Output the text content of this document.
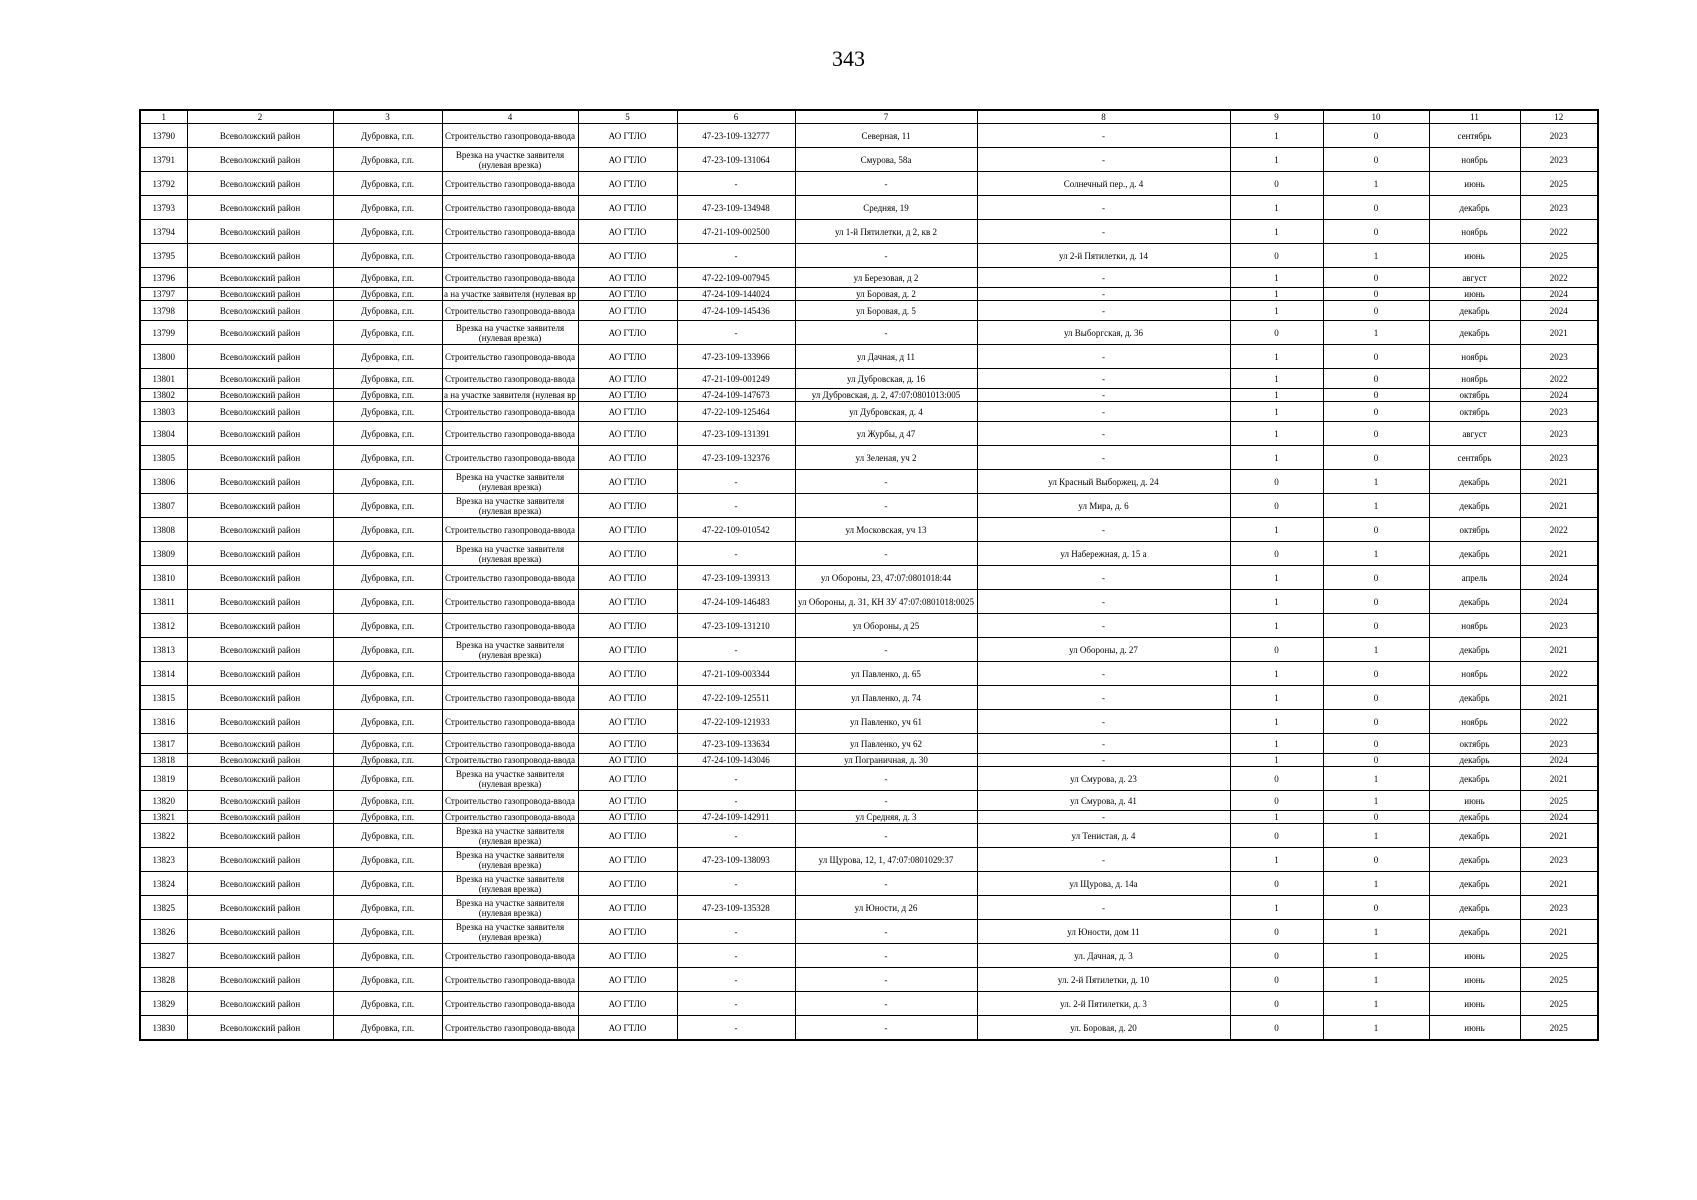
343
1	2	3	4	5	6	7	8	9	10	11	12
13790	Всеволожский район	Дубровка, г.п.	Строительство газопровода-ввода	АО ГТЛО	47-23-109-132777	Северная, 11	-	1	0	сентябрь	2023
13791	Всеволожский район	Дубровка, г.п.	Врезка на участке заявителя (нулевая врезка)	АО ГТЛО	47-23-109-131064	Смурова, 58а	-	1	0	ноябрь	2023
13792	Всеволожский район	Дубровка, г.п.	Строительство газопровода-ввода	АО ГТЛО	-	-	Солнечный пер., д. 4	0	1	июнь	2025
13793	Всеволожский район	Дубровка, г.п.	Строительство газопровода-ввода	АО ГТЛО	47-23-109-134948	Средняя, 19	-	1	0	декабрь	2023
13794	Всеволожский район	Дубровка, г.п.	Строительство газопровода-ввода	АО ГТЛО	47-21-109-002500	ул 1-й Пятилетки, д 2, кв 2	-	1	0	ноябрь	2022
13795	Всеволожский район	Дубровка, г.п.	Строительство газопровода-ввода	АО ГТЛО	-	-	ул 2-й Пятилетки, д. 14	0	1	июнь	2025
13796	Всеволожский район	Дубровка, г.п.	Строительство газопровода-ввода	АО ГТЛО	47-22-109-007945	ул Березовая, д 2	-	1	0	август	2022
13797	Всеволожский район	Дубровка, г.п.	а на участке заявителя (нулевая вр	АО ГТЛО	47-24-109-144024	ул Боровая, д. 2	-	1	0	июнь	2024
13798	Всеволожский район	Дубровка, г.п.	Строительство газопровода-ввода	АО ГТЛО	47-24-109-145436	ул Боровая, д. 5	-	1	0	декабрь	2024
13799	Всеволожский район	Дубровка, г.п.	Врезка на участке заявителя (нулевая врезка)	АО ГТЛО	-	-	ул Выборгская, д. 36	0	1	декабрь	2021
13800	Всеволожский район	Дубровка, г.п.	Строительство газопровода-ввода	АО ГТЛО	47-23-109-133966	ул Дачная, д 11	-	1	0	ноябрь	2023
13801	Всеволожский район	Дубровка, г.п.	Строительство газопровода-ввода	АО ГТЛО	47-21-109-001249	ул Дубровская, д. 16	-	1	0	ноябрь	2022
13802	Всеволожский район	Дубровка, г.п.	а на участке заявителя (нулевая вр	АО ГТЛО	47-24-109-147673	ул Дубровская, д. 2, 47:07:0801013:005	-	1	0	октябрь	2024
13803	Всеволожский район	Дубровка, г.п.	Строительство газопровода-ввода	АО ГТЛО	47-22-109-125464	ул Дубровская, д. 4	-	1	0	октябрь	2023
13804	Всеволожский район	Дубровка, г.п.	Строительство газопровода-ввода	АО ГТЛО	47-23-109-131391	ул Журбы, д 47	-	1	0	август	2023
13805	Всеволожский район	Дубровка, г.п.	Строительство газопровода-ввода	АО ГТЛО	47-23-109-132376	ул Зеленая, уч 2	-	1	0	сентябрь	2023
13806	Всеволожский район	Дубровка, г.п.	Врезка на участке заявителя (нулевая врезка)	АО ГТЛО	-	-	ул Красный Выборжец, д. 24	0	1	декабрь	2021
13807	Всеволожский район	Дубровка, г.п.	Врезка на участке заявителя (нулевая врезка)	АО ГТЛО	-	-	ул Мира, д. 6	0	1	декабрь	2021
13808	Всеволожский район	Дубровка, г.п.	Строительство газопровода-ввода	АО ГТЛО	47-22-109-010542	ул Московская, уч 13	-	1	0	октябрь	2022
13809	Всеволожский район	Дубровка, г.п.	Врезка на участке заявителя (нулевая врезка)	АО ГТЛО	-	-	ул Набережная, д. 15 а	0	1	декабрь	2021
13810	Всеволожский район	Дубровка, г.п.	Строительство газопровода-ввода	АО ГТЛО	47-23-109-139313	ул Обороны, 23, 47:07:0801018:44	-	1	0	апрель	2024
13811	Всеволожский район	Дубровка, г.п.	Строительство газопровода-ввода	АО ГТЛО	47-24-109-146483	ул Обороны, д. 31, КН ЗУ 47:07:0801018:0025	-	1	0	декабрь	2024
13812	Всеволожский район	Дубровка, г.п.	Строительство газопровода-ввода	АО ГТЛО	47-23-109-131210	ул Обороны, д 25	-	1	0	ноябрь	2023
13813	Всеволожский район	Дубровка, г.п.	Врезка на участке заявителя (нулевая врезка)	АО ГТЛО	-	-	ул Обороны, д. 27	0	1	декабрь	2021
13814	Всеволожский район	Дубровка, г.п.	Строительство газопровода-ввода	АО ГТЛО	47-21-109-003344	ул Павленко, д. 65	-	1	0	ноябрь	2022
13815	Всеволожский район	Дубровка, г.п.	Строительство газопровода-ввода	АО ГТЛО	47-22-109-125511	ул Павленко, д. 74	-	1	0	декабрь	2021
13816	Всеволожский район	Дубровка, г.п.	Строительство газопровода-ввода	АО ГТЛО	47-22-109-121933	ул Павленко, уч 61	-	1	0	ноябрь	2022
13817	Всеволожский район	Дубровка, г.п.	Строительство газопровода-ввода	АО ГТЛО	47-23-109-133634	ул Павленко, уч 62	-	1	0	октябрь	2023
13818	Всеволожский район	Дубровка, г.п.	Строительство газопровода-ввода	АО ГТЛО	47-24-109-143046	ул Пограничная, д. 30	-	1	0	декабрь	2024
13819	Всеволожский район	Дубровка, г.п.	Врезка на участке заявителя (нулевая врезка)	АО ГТЛО	-	-	ул Смурова, д. 23	0	1	декабрь	2021
13820	Всеволожский район	Дубровка, г.п.	Строительство газопровода-ввода	АО ГТЛО	-	-	ул Смурова, д. 41	0	1	июнь	2025
13821	Всеволожский район	Дубровка, г.п.	Строительство газопровода-ввода	АО ГТЛО	47-24-109-142911	ул Средняя, д. 3	-	1	0	декабрь	2024
13822	Всеволожский район	Дубровка, г.п.	Врезка на участке заявителя (нулевая врезка)	АО ГТЛО	-	-	ул Тенистая, д. 4	0	1	декабрь	2021
13823	Всеволожский район	Дубровка, г.п.	Врезка на участке заявителя (нулевая врезка)	АО ГТЛО	47-23-109-138093	ул Щурова, 12, 1, 47:07:0801029:37	-	1	0	декабрь	2023
13824	Всеволожский район	Дубровка, г.п.	Врезка на участке заявителя (нулевая врезка)	АО ГТЛО	-	-	ул Щурова, д. 14а	0	1	декабрь	2021
13825	Всеволожский район	Дубровка, г.п.	Врезка на участке заявителя (нулевая врезка)	АО ГТЛО	47-23-109-135328	ул Юности, д 26	-	1	0	декабрь	2023
13826	Всеволожский район	Дубровка, г.п.	Врезка на участке заявителя (нулевая врезка)	АО ГТЛО	-	-	ул Юности, дом 11	0	1	декабрь	2021
13827	Всеволожский район	Дубровка, г.п.	Строительство газопровода-ввода	АО ГТЛО	-	-	ул. Дачная, д. 3	0	1	июнь	2025
13828	Всеволожский район	Дубровка, г.п.	Строительство газопровода-ввода	АО ГТЛО	-	-	ул. 2-й Пятилетки, д. 10	0	1	июнь	2025
13829	Всеволожский район	Дубровка, г.п.	Строительство газопровода-ввода	АО ГТЛО	-	-	ул. 2-й Пятилетки, д. 3	0	1	июнь	2025
13830	Всеволожский район	Дубровка, г.п.	Строительство газопровода-ввода	АО ГТЛО	-	-	ул. Боровая, д. 20	0	1	июнь	2025
